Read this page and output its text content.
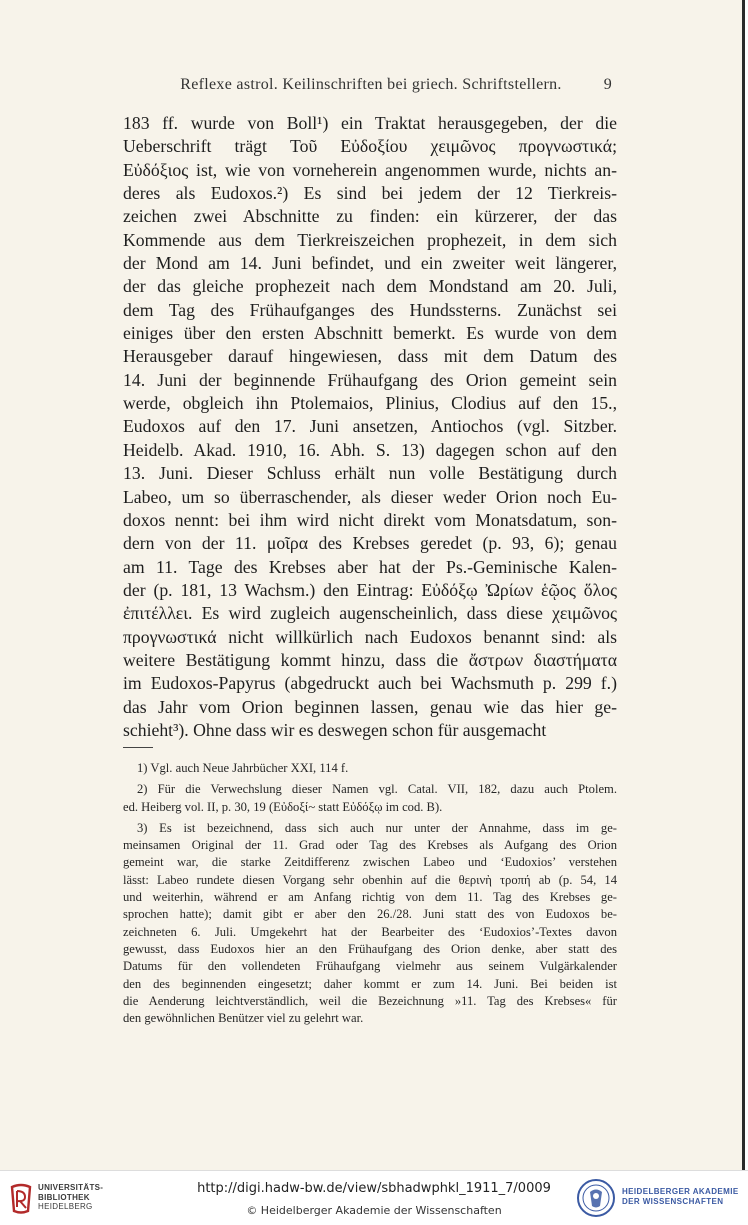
Reflexe astrol. Keilinschriften bei griech. Schriftstellern.	9
183 ff. wurde von Boll¹) ein Traktat herausgegeben, der die
Ueberschrift trägt Τοῦ Εὐδοξίου χειμῶνος προγνωστικά;
Εὐδόξιος ist, wie von vorneherein angenommen wurde, nichts an-
deres als Eudoxos.²) Es sind bei jedem der 12 Tierkreis-
zeichen zwei Abschnitte zu finden: ein kürzerer, der das
Kommende aus dem Tierkreiszeichen prophezeit, in dem sich
der Mond am 14. Juni befindet, und ein zweiter weit längerer,
der das gleiche prophezeit nach dem Mondstand am 20. Juli,
dem Tag des Frühaufganges des Hundssterns. Zunächst sei
einiges über den ersten Abschnitt bemerkt. Es wurde von dem
Herausgeber darauf hingewiesen, dass mit dem Datum des
14. Juni der beginnende Frühaufgang des Orion gemeint sein
werde, obgleich ihn Ptolemaios, Plinius, Clodius auf den 15.,
Eudoxos auf den 17. Juni ansetzen, Antiochos (vgl. Sitzber.
Heidelb. Akad. 1910, 16. Abh. S. 13) dagegen schon auf den
13. Juni. Dieser Schluss erhält nun volle Bestätigung durch
Labeo, um so überraschender, als dieser weder Orion noch Eu-
doxos nennt: bei ihm wird nicht direkt vom Monatsdatum, son-
dern von der 11. μοῖρα des Krebses geredet (p. 93, 6); genau
am 11. Tage des Krebses aber hat der Ps.-Geminische Kalen-
der (p. 181, 13 Wachsm.) den Eintrag: Εὐδόξῳ Ὠρίων ἑῷος ὅλος
ἐπιτέλλει. Es wird zugleich augenscheinlich, dass diese χειμῶνος
προγνωστικά nicht willkürlich nach Eudoxos benannt sind: als
weitere Bestätigung kommt hinzu, dass die ἄστρων διαστήματα
im Eudoxos-Papyrus (abgedruckt auch bei Wachsmuth p. 299 f.)
das Jahr vom Orion beginnen lassen, genau wie das hier ge-
schieht³). Ohne dass wir es deswegen schon für ausgemacht
1) Vgl. auch Neue Jahrbücher XXI, 114 f.
2) Für die Verwechslung dieser Namen vgl. Catal. VII, 182, dazu auch Ptolem.
ed. Heiberg vol. II, p. 30, 19 (Εὐδοξί~ statt Εὐδόξῳ im cod. B).
3) Es ist bezeichnend, dass sich auch nur unter der Annahme, dass im ge-
meinsamen Original der 11. Grad oder Tag des Krebses als Aufgang des Orion
gemeint war, die starke Zeitdifferenz zwischen Labeo und ‘Eudoxios’ verstehen
lässt: Labeo rundete diesen Vorgang sehr obenhin auf die θερινὴ τροπή ab (p. 54, 14
und weiterhin, während er am Anfang richtig von dem 11. Tag des Krebses ge-
sprochen hatte); damit gibt er aber den 26./28. Juni statt des von Eudoxos be-
zeichneten 6. Juli. Umgekehrt hat der Bearbeiter des ‘Eudoxios’-Textes davon
gewusst, dass Eudoxos hier an den Frühaufgang des Orion denke, aber statt des
Datums für den vollendeten Frühaufgang vielmehr aus seinem Vulgärkalender
den des beginnenden eingesetzt; daher kommt er zum 14. Juni. Bei beiden ist
die Aenderung leichtverständlich, weil die Bezeichnung »11. Tag des Krebses« für
den gewöhnlichen Benützer viel zu gelehrt war.
UNIVERSITÄTS-
BIBLIOTHEK
HEIDELBERG
http://digi.hadw-bw.de/view/sbhadwphkl_1911_7/0009
© Heidelberger Akademie der Wissenschaften
HEIDELBERGER AKADEMIE
DER WISSENSCHAFTEN
